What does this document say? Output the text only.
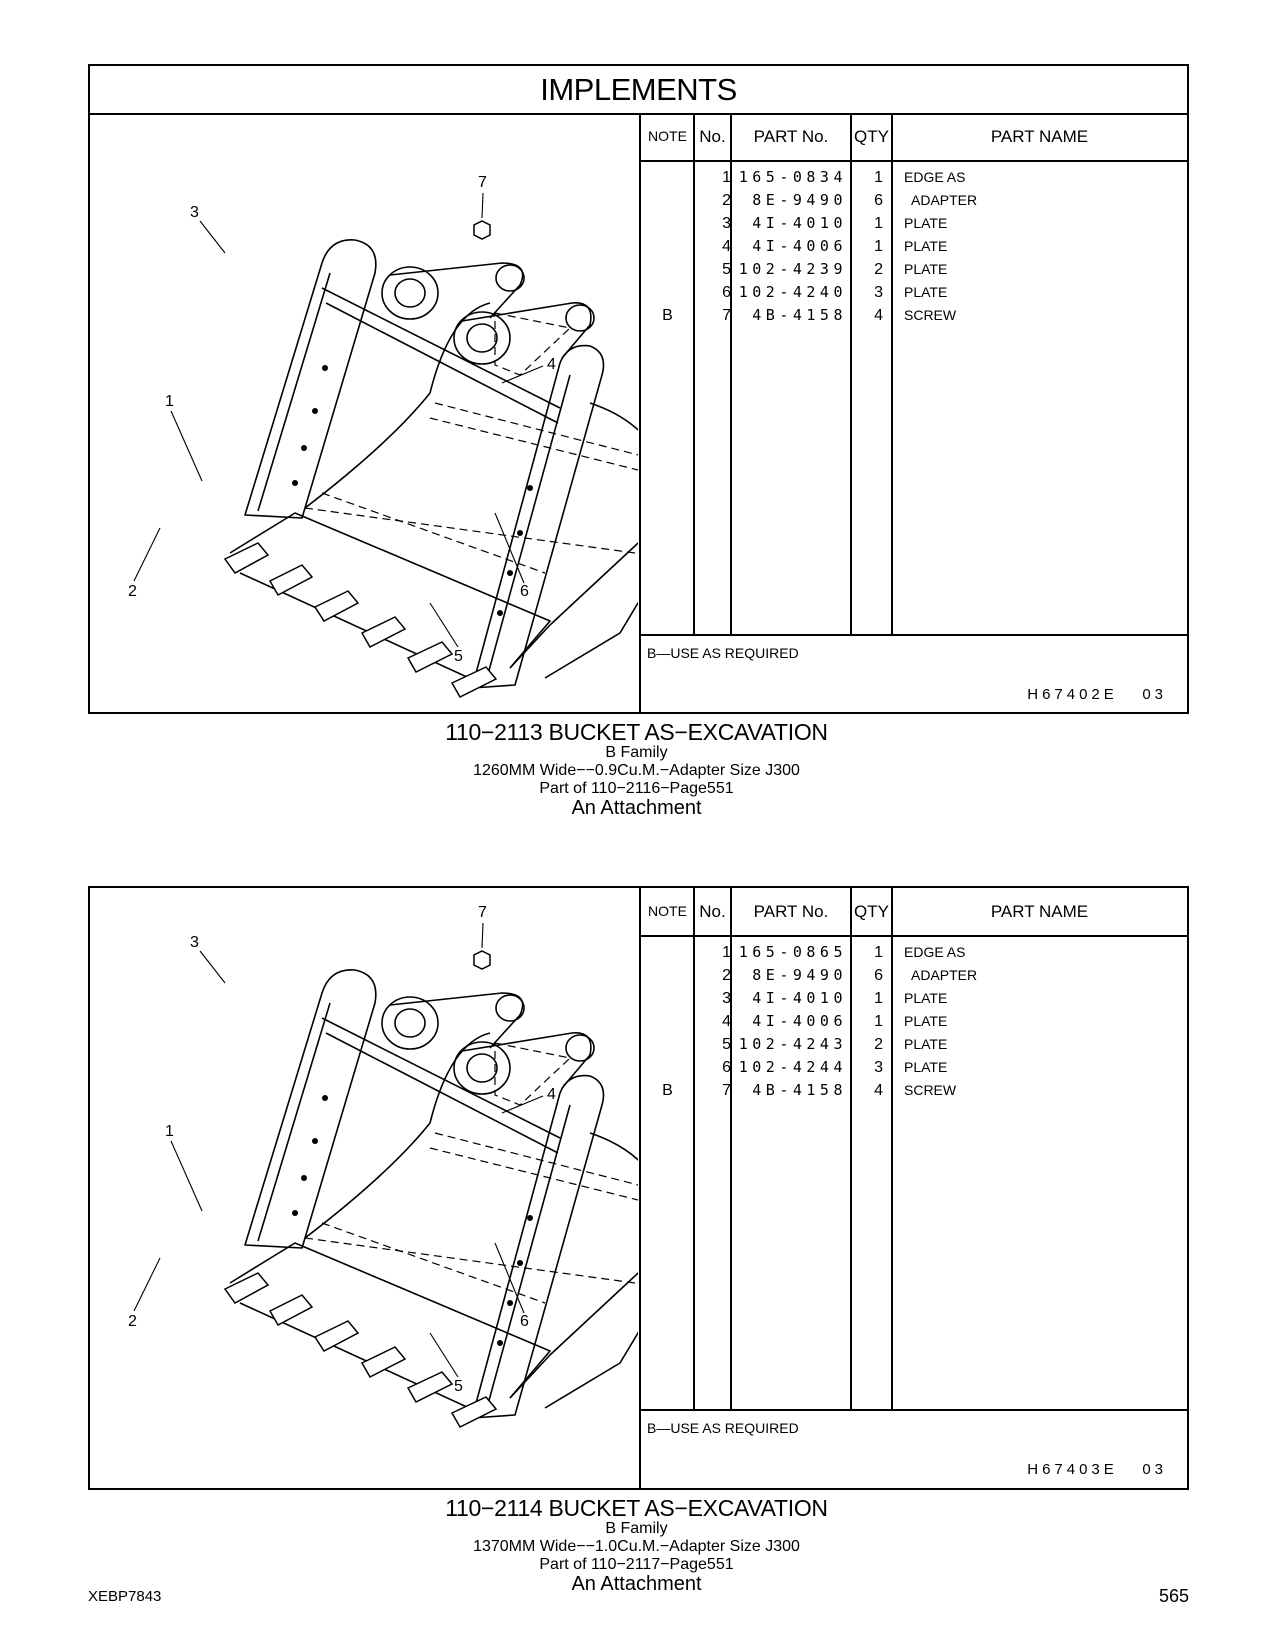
IMPLEMENTS
7
3
4
1
2	6
5
NOTE No.	PART No.	QTY	PART NAME
1 165-0834	1 EDGE AS
2	8E-9490	6 ADAPTER
3	4I-4010	1 PLATE
4	4I-4006	1 PLATE
5 102-4239	2 PLATE
6 102-4240	3 PLATE
B	7	4B-4158	4 SCREW
B—USE AS REQUIRED
H67402E 03
110−2113 BUCKET AS−EXCAVATION
B Family
1260MM Wide−−0.9Cu.M.−Adapter Size J300
Part of 110−2116−Page551
An Attachment
7
3
4
1
2	6
5
NOTE No.	PART No.	QTY	PART NAME
1 165-0865	1 EDGE AS
2	8E-9490	6 ADAPTER
3	4I-4010	1 PLATE
4	4I-4006	1 PLATE
5 102-4243	2 PLATE
6 102-4244	3 PLATE
B	7	4B-4158	4 SCREW
B—USE AS REQUIRED
H67403E 03
110−2114 BUCKET AS−EXCAVATION
B Family
1370MM Wide−−1.0Cu.M.−Adapter Size J300
Part of 110−2117−Page551
An Attachment
XEBP7843	565
